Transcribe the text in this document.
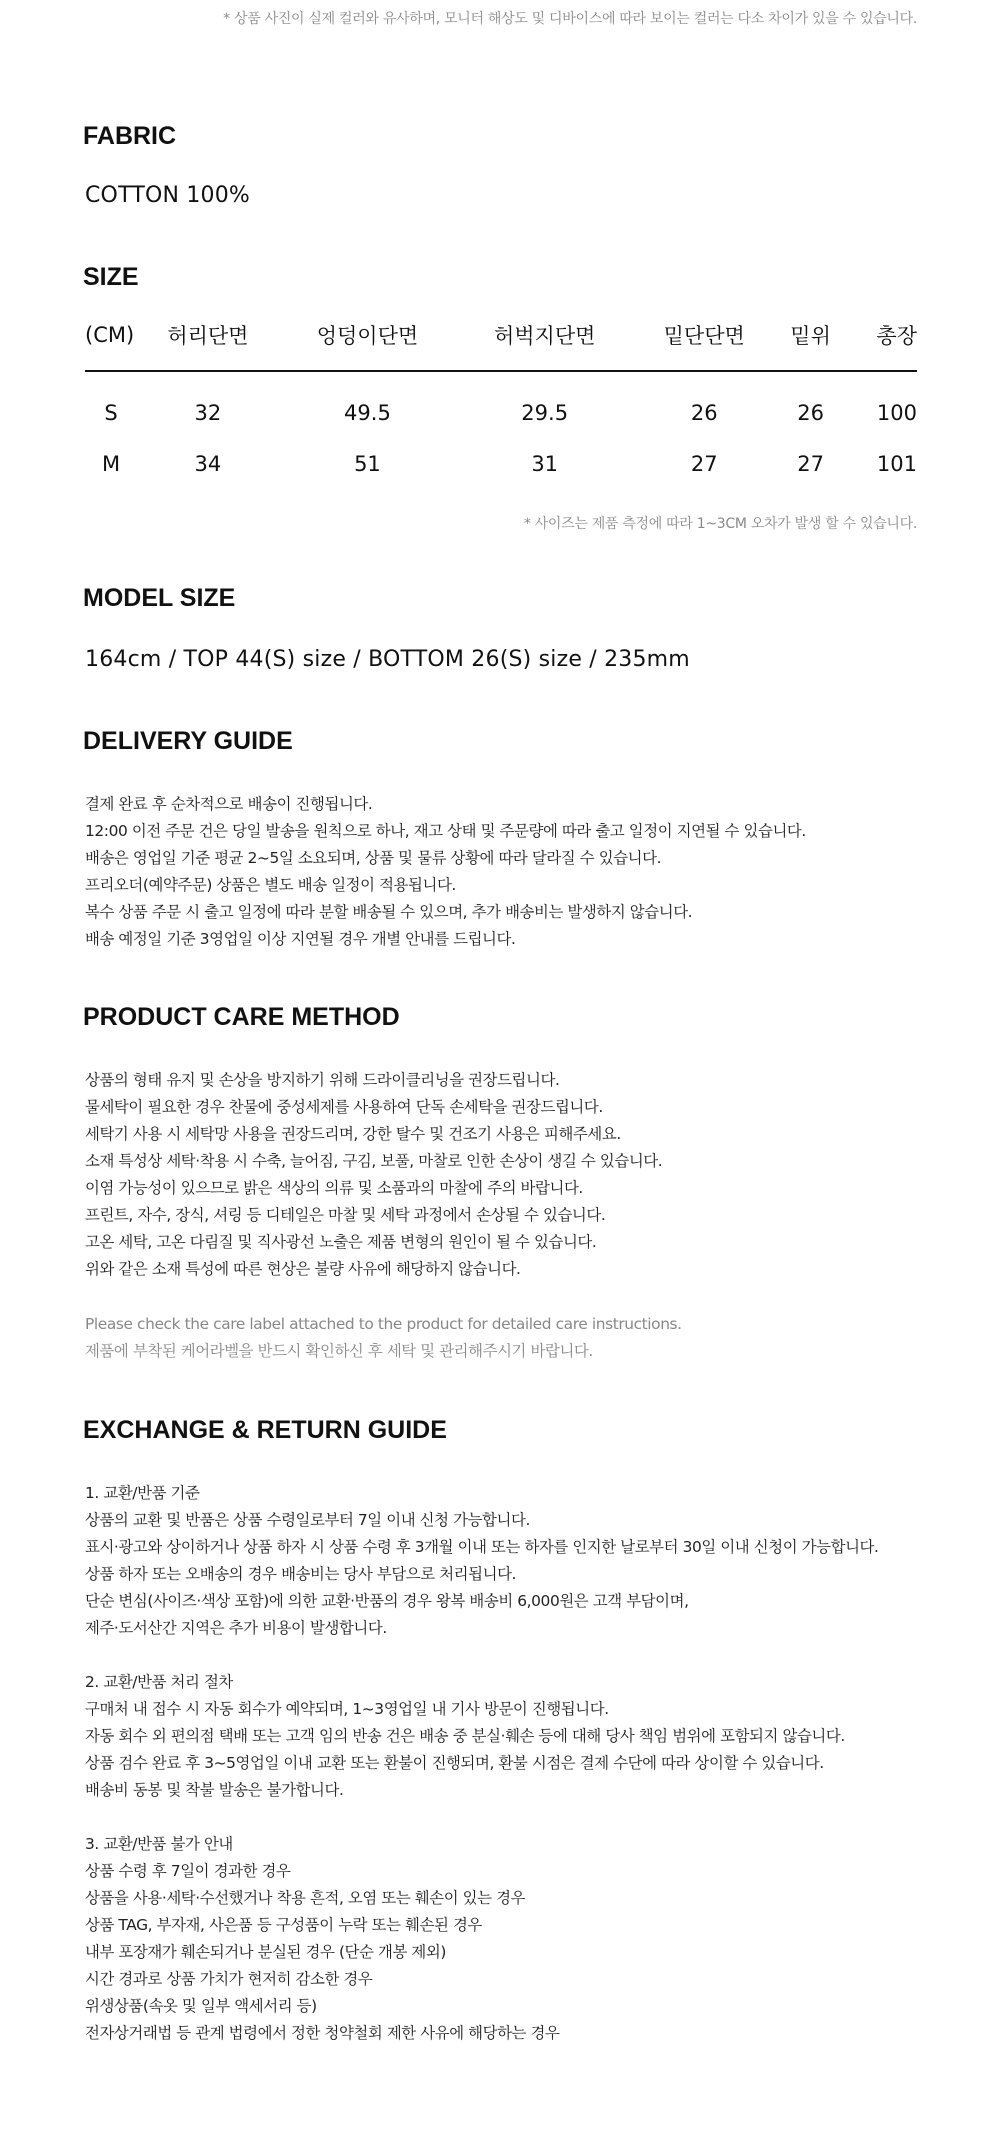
* 상품 사진이 실제 컬러와 유사하며, 모니터 해상도 및 디바이스에 따라 보이는 컬러는 다소 차이가 있을 수 있습니다.
FABRIC

COTTON 100%

SIZE
(CM)	허리단면	엉덩이단면	허벅지단면	밑단단면	밑위	총장
S	32	49.5	29.5	26	26	100
M	34	51	31	27	27	101
* 사이즈는 제품 측정에 따라 1~3CM 오차가 발생 할 수 있습니다.
MODEL SIZE

164cm / TOP 44(S) size / BOTTOM 26(S) size / 235mm

DELIVERY GUIDE
결제 완료 후 순차적으로 배송이 진행됩니다.
12:00 이전 주문 건은 당일 발송을 원칙으로 하나, 재고 상태 및 주문량에 따라 출고 일정이 지연될 수 있습니다.
배송은 영업일 기준 평균 2~5일 소요되며, 상품 및 물류 상황에 따라 달라질 수 있습니다.
프리오더(예약주문) 상품은 별도 배송 일정이 적용됩니다.
복수 상품 주문 시 출고 일정에 따라 분할 배송될 수 있으며, 추가 배송비는 발생하지 않습니다.
배송 예정일 기준 3영업일 이상 지연될 경우 개별 안내를 드립니다.
PRODUCT CARE METHOD
상품의 형태 유지 및 손상을 방지하기 위해 드라이클리닝을 권장드립니다.
물세탁이 필요한 경우 찬물에 중성세제를 사용하여 단독 손세탁을 권장드립니다.
세탁기 사용 시 세탁망 사용을 권장드리며, 강한 탈수 및 건조기 사용은 피해주세요.
소재 특성상 세탁·착용 시 수축, 늘어짐, 구김, 보풀, 마찰로 인한 손상이 생길 수 있습니다.
이염 가능성이 있으므로 밝은 색상의 의류 및 소품과의 마찰에 주의 바랍니다.
프린트, 자수, 장식, 셔링 등 디테일은 마찰 및 세탁 과정에서 손상될 수 있습니다.
고온 세탁, 고온 다림질 및 직사광선 노출은 제품 변형의 원인이 될 수 있습니다.
위와 같은 소재 특성에 따른 현상은 불량 사유에 해당하지 않습니다.
Please check the care label attached to the product for detailed care instructions.
제품에 부착된 케어라벨을 반드시 확인하신 후 세탁 및 관리해주시기 바랍니다.
EXCHANGE & RETURN GUIDE
1. 교환/반품 기준
상품의 교환 및 반품은 상품 수령일로부터 7일 이내 신청 가능합니다.
표시·광고와 상이하거나 상품 하자 시 상품 수령 후 3개월 이내 또는 하자를 인지한 날로부터 30일 이내 신청이 가능합니다.
상품 하자 또는 오배송의 경우 배송비는 당사 부담으로 처리됩니다.
단순 변심(사이즈·색상 포함)에 의한 교환·반품의 경우 왕복 배송비 6,000원은 고객 부담이며,
제주·도서산간 지역은 추가 비용이 발생합니다.
2. 교환/반품 처리 절차
구매처 내 접수 시 자동 회수가 예약되며, 1~3영업일 내 기사 방문이 진행됩니다.
자동 회수 외 편의점 택배 또는 고객 임의 반송 건은 배송 중 분실·훼손 등에 대해 당사 책임 범위에 포함되지 않습니다.
상품 검수 완료 후 3~5영업일 이내 교환 또는 환불이 진행되며, 환불 시점은 결제 수단에 따라 상이할 수 있습니다.
배송비 동봉 및 착불 발송은 불가합니다.
3. 교환/반품 불가 안내
상품 수령 후 7일이 경과한 경우
상품을 사용·세탁·수선했거나 착용 흔적, 오염 또는 훼손이 있는 경우
상품 TAG, 부자재, 사은품 등 구성품이 누락 또는 훼손된 경우
내부 포장재가 훼손되거나 분실된 경우 (단순 개봉 제외)
시간 경과로 상품 가치가 현저히 감소한 경우
위생상품(속옷 및 일부 액세서리 등)
전자상거래법 등 관계 법령에서 정한 청약철회 제한 사유에 해당하는 경우
